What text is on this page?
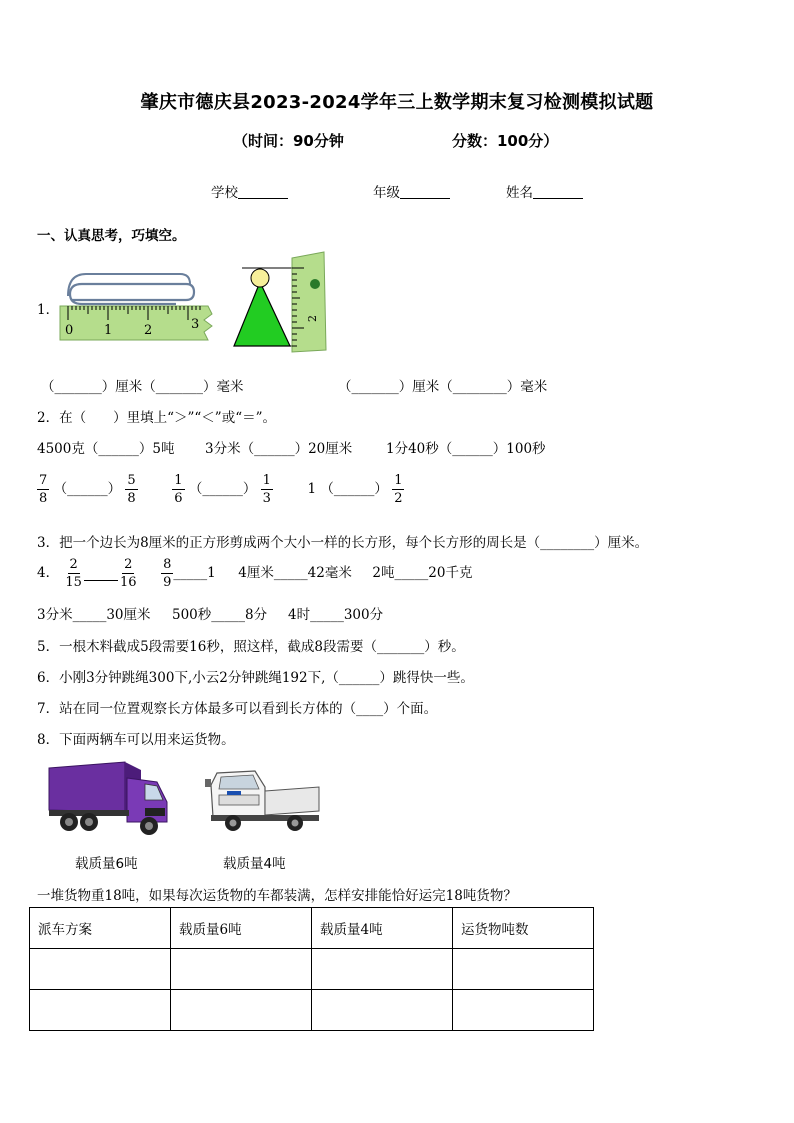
肇庆市德庆县2023-2024学年三上数学期末复习检测模拟试题
（时间：90分钟	分数：100分）
学校	年级	姓名
一、认真思考，巧填空。
1．
0 1 2	3	2
（_______）厘米（_______）毫米	（_______）厘米（________）毫米
2．在（　　）里填上“＞”“＜”或“＝”。
4500克（______）5吨 3分米（______）20厘米 1分40秒（______）100秒
$\frac{7}{8}$ （______） $\frac{5}{8}$
	$\frac{1}{6}$ （______） $\frac{1}{3}$	1 （______） $\frac{1}{2}$
3．把一个边长为8厘米的正方形剪成两个大小一样的长方形，每个长方形的周长是（________）厘米。
4． $\frac{2}{15}$	$\frac{2}{16}$
$\frac{8}{9}$ _____1 4厘米_____42毫米 2吨_____20千克
3分米_____30厘米 500秒_____8分 4时_____300分
5．一根木料截成5段需要16秒，照这样，截成8段需要（_______）秒。
6．小刚3分钟跳绳300下,小云2分钟跳绳192下,（______）跳得快一些。
7．站在同一位置观察长方体最多可以看到长方体的（____）个面。
8．下面两辆车可以用来运货物。
载质量6吨	载质量4吨
一堆货物重18吨，如果每次运货物的车都装满，怎样安排能恰好运完18吨货物？
派车方案	载质量6吨	载质量4吨	运货物吨数
